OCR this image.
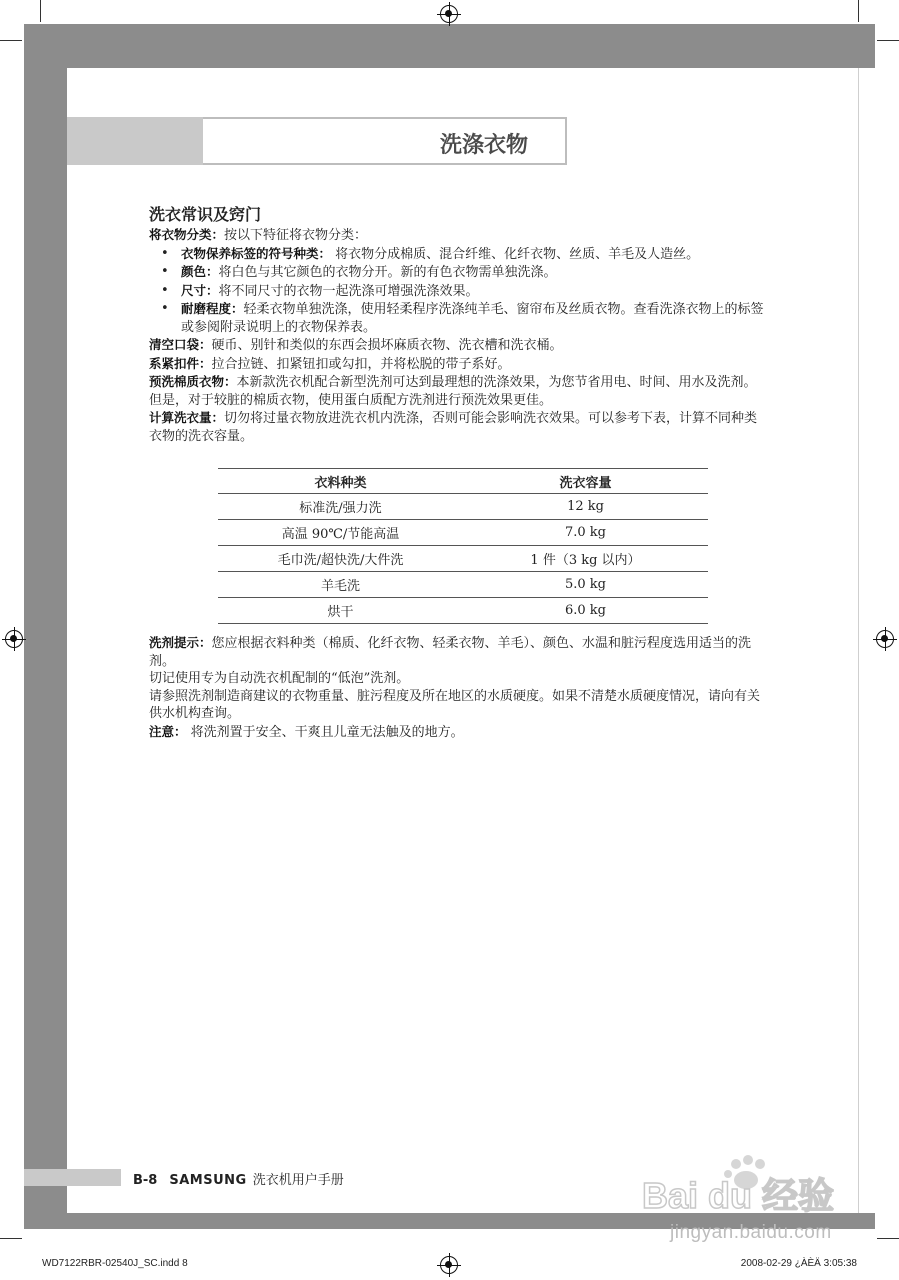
洗涤衣物
洗衣常识及窍门

将衣物分类：按以下特征将衣物分类：

• 衣物保养标签的符号种类： 将衣物分成棉质、混合纤维、化纤衣物、丝质、羊毛及人造丝。
• 颜色：将白色与其它颜色的衣物分开。新的有色衣物需单独洗涤。
• 尺寸：将不同尺寸的衣物一起洗涤可增强洗涤效果。
• 耐磨程度：轻柔衣物单独洗涤，使用轻柔程序洗涤纯羊毛、窗帘布及丝质衣物。查看洗涤衣物上的标签或参阅附录说明上的衣物保养表。

清空口袋：硬币、别针和类似的东西会损坏麻质衣物、洗衣槽和洗衣桶。

系紧扣件：拉合拉链、扣紧钮扣或勾扣，并将松脱的带子系好。

预洗棉质衣物：本新款洗衣机配合新型洗剂可达到最理想的洗涤效果，为您节省用电、时间、用水及洗剂。但是，对于较脏的棉质衣物，使用蛋白质配方洗剂进行预洗效果更佳。

计算洗衣量：切勿将过量衣物放进洗衣机内洗涤，否则可能会影响洗衣效果。可以参考下表，计算不同种类衣物的洗衣容量。

衣料种类	洗衣容量
标准洗/强力洗	12 kg
高温 90℃/节能高温	7.0 kg
毛巾洗/超快洗/大件洗	1 件（3 kg 以内）
羊毛洗	5.0 kg
烘干	6.0 kg

洗剂提示：您应根据衣料种类（棉质、化纤衣物、轻柔衣物、羊毛）、颜色、水温和脏污程度选用适当的洗剂。

切记使用专为自动洗衣机配制的“低泡”洗剂。

请参照洗剂制造商建议的衣物重量、脏污程度及所在地区的水质硬度。如果不清楚水质硬度情况，请向有关供水机构查询。

注意： 将洗剂置于安全、干爽且儿童无法触及的地方。

B-8 SAMSUNG 洗衣机用户手册	Bai du 经验
jingyan.baidu.com
WD7122RBR-02540J_SC.indd 8	2008-02-29 ¿ÀÈÄ 3:05:38
